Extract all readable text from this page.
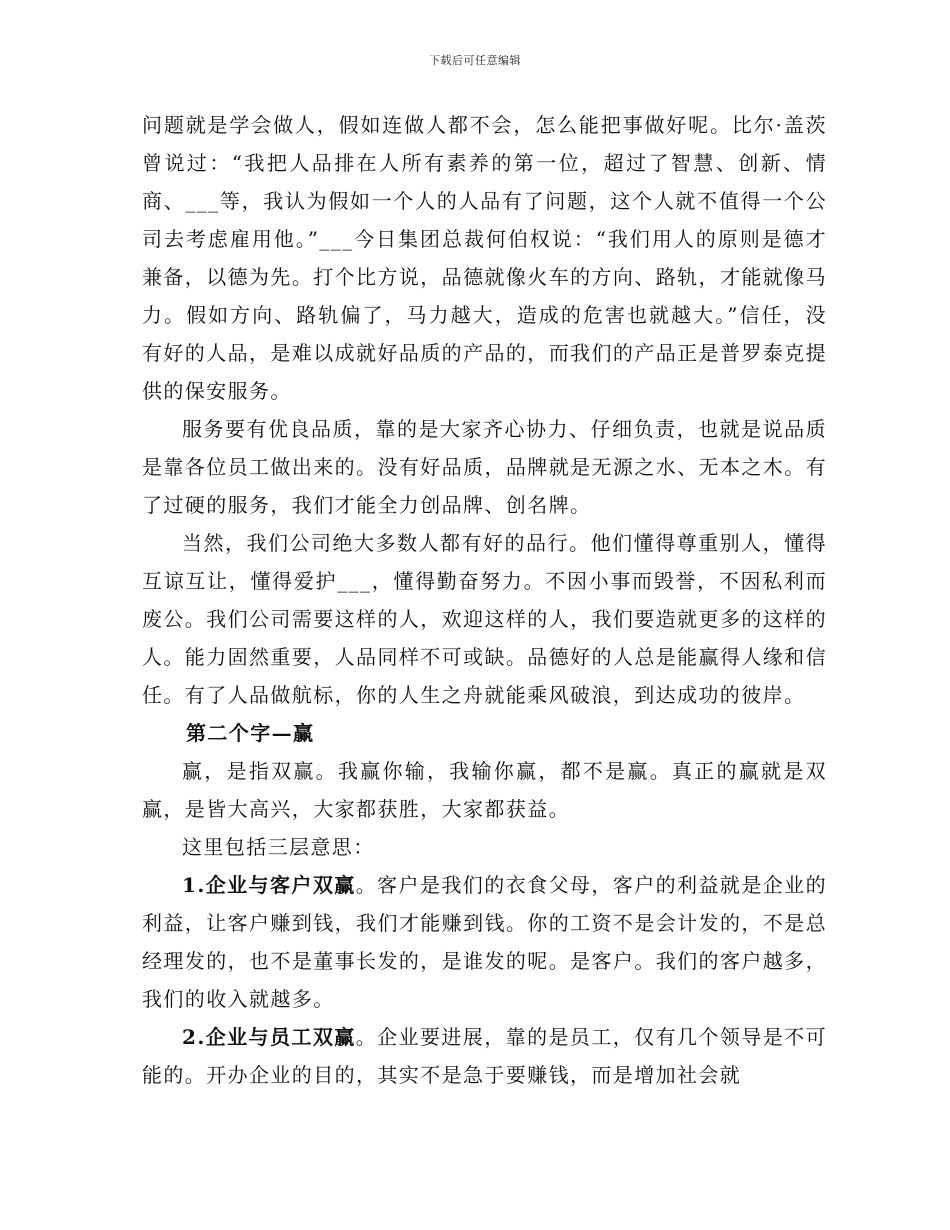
下载后可任意编辑

问题就是学会做人，假如连做人都不会，怎么能把事做好呢。比尔·盖茨曾说过：“我把人品排在人所有素养的第一位，超过了智慧、创新、情商、___等，我认为假如一个人的人品有了问题，这个人就不值得一个公司去考虑雇用他。”___今日集团总裁何伯权说：“我们用人的原则是德才兼备，以德为先。打个比方说，品德就像火车的方向、路轨，才能就像马力。假如方向、路轨偏了，马力越大，造成的危害也就越大。”信任，没有好的人品，是难以成就好品质的产品的，而我们的产品正是普罗泰克提供的保安服务。

服务要有优良品质，靠的是大家齐心协力、仔细负责，也就是说品质是靠各位员工做出来的。没有好品质，品牌就是无源之水、无本之木。有了过硬的服务，我们才能全力创品牌、创名牌。

当然，我们公司绝大多数人都有好的品行。他们懂得尊重别人，懂得互谅互让，懂得爱护___，懂得勤奋努力。不因小事而毁誉，不因私利而废公。我们公司需要这样的人，欢迎这样的人，我们要造就更多的这样的人。能力固然重要，人品同样不可或缺。品德好的人总是能赢得人缘和信任。有了人品做航标，你的人生之舟就能乘风破浪，到达成功的彼岸。

第二个字—赢

赢，是指双赢。我赢你输，我输你赢，都不是赢。真正的赢就是双赢，是皆大高兴，大家都获胜，大家都获益。

这里包括三层意思：

1.企业与客户双赢。客户是我们的衣食父母，客户的利益就是企业的利益，让客户赚到钱，我们才能赚到钱。你的工资不是会计发的，不是总经理发的，也不是董事长发的，是谁发的呢。是客户。我们的客户越多，我们的收入就越多。

2.企业与员工双赢。企业要进展，靠的是员工，仅有几个领导是不可能的。开办企业的目的，其实不是急于要赚钱，而是增加社会就
